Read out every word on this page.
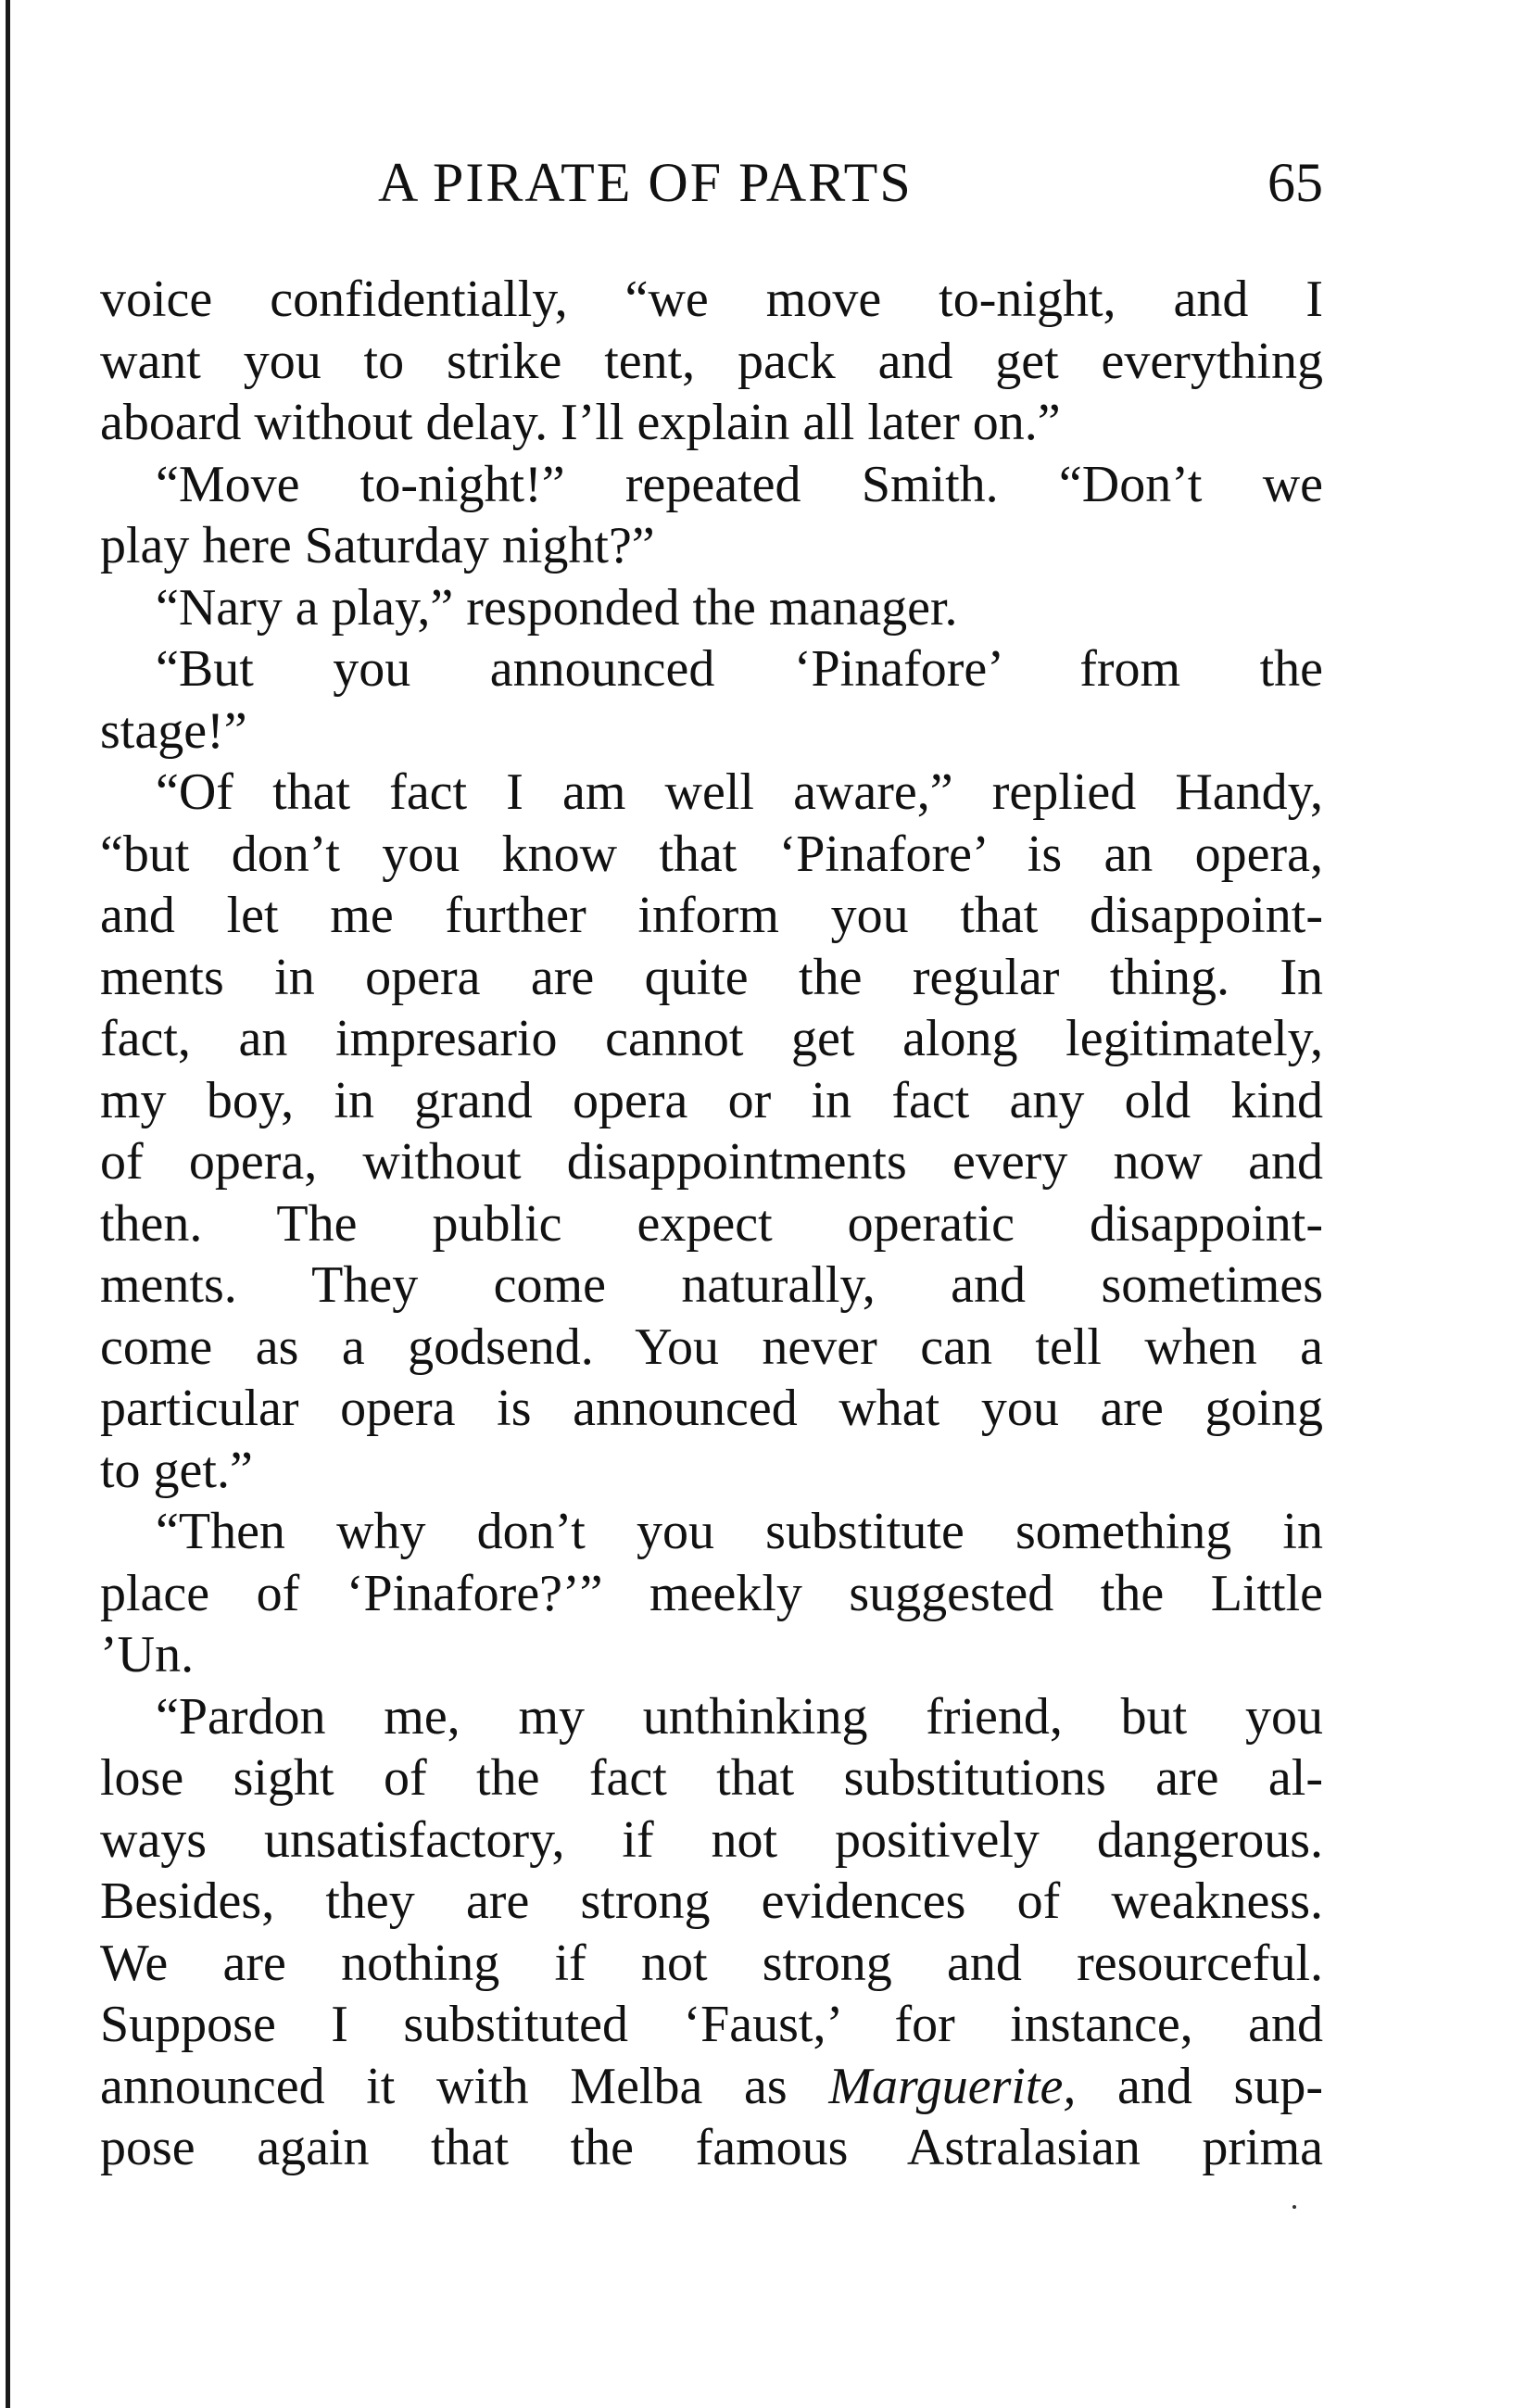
A PIRATE OF PARTS	65
voice confidentially, “we move to-night, and I
want you to strike tent, pack and get everything
aboard without delay. I’ll explain all later on.”
“Move to-night!” repeated Smith. “Don’t we
play here Saturday night?”
“Nary a play,” responded the manager.
“But you announced ‘Pinafore’ from the
stage!”
“Of that fact I am well aware,” replied Handy,
“but don’t you know that ‘Pinafore’ is an opera,
and let me further inform you that disappoint-
ments in opera are quite the regular thing. In
fact, an impresario cannot get along legitimately,
my boy, in grand opera or in fact any old kind
of opera, without disappointments every now and
then. The public expect operatic disappoint-
ments. They come naturally, and sometimes
come as a godsend. You never can tell when a
particular opera is announced what you are going
to get.”
“Then why don’t you substitute something in
place of ‘Pinafore?’” meekly suggested the Little
’Un.
“Pardon me, my unthinking friend, but you
lose sight of the fact that substitutions are al-
ways unsatisfactory, if not positively dangerous.
Besides, they are strong evidences of weakness.
We are nothing if not strong and resourceful.
Suppose I substituted ‘Faust,’ for instance, and
announced it with Melba as Marguerite, and sup-
pose again that the famous Astralasian prima
